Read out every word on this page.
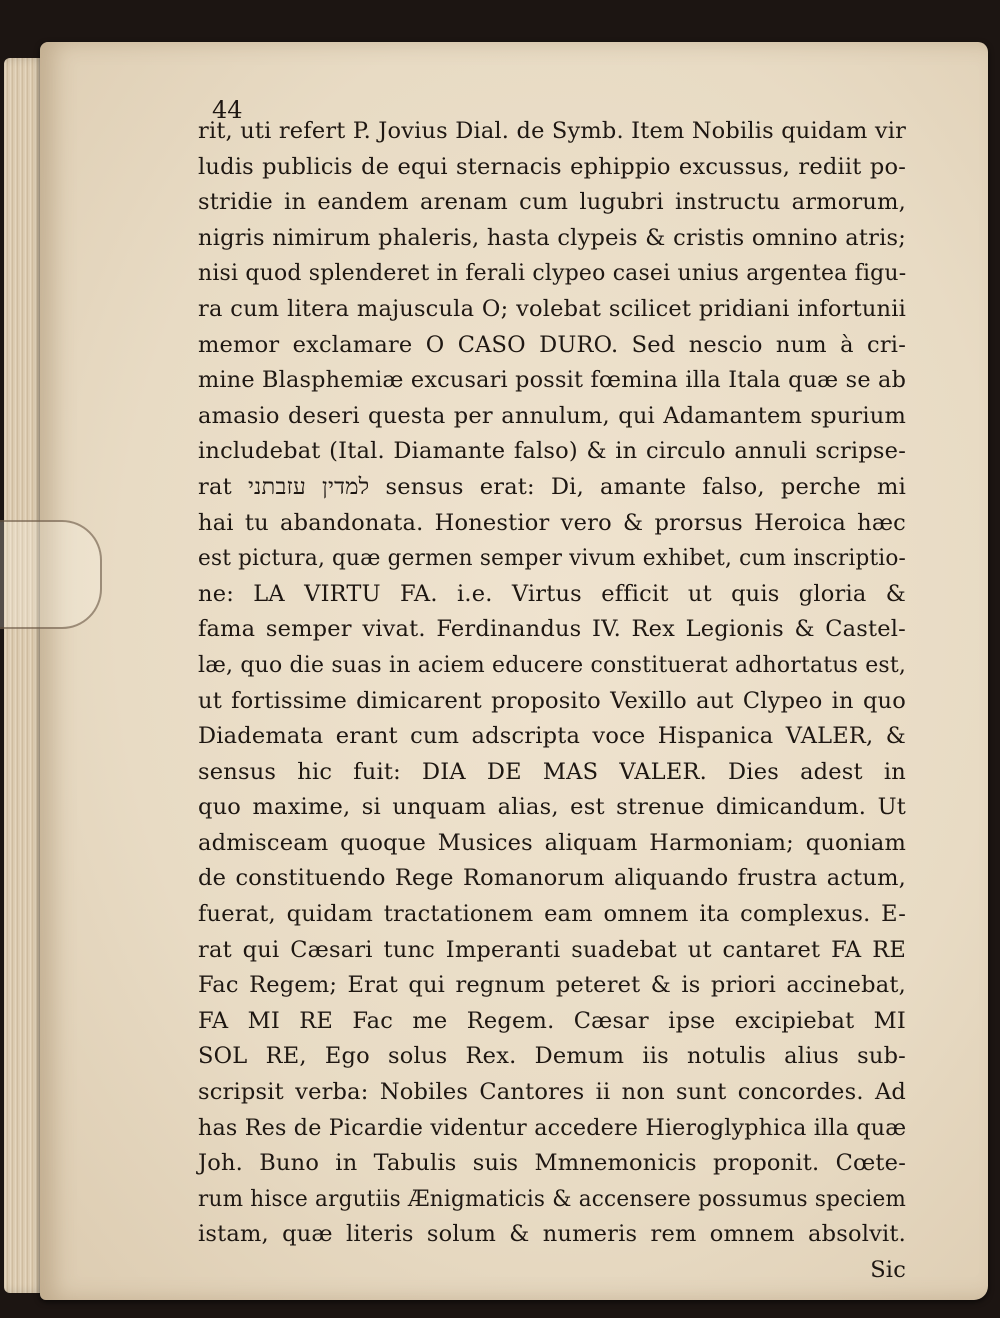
44
rit, uti refert P. Jovius Dial. de Symb. Item Nobilis quidam vir
ludis publicis de equi sternacis ephippio excussus, rediit po-
stridie in eandem arenam cum lugubri instructu armorum,
nigris nimirum phaleris, hasta clypeis & cristis omnino atris;
nisi quod splenderet in ferali clypeo casei unius argentea figu-
ra cum litera majuscula O; volebat scilicet pridiani infortunii
memor exclamare O CASO DURO. Sed nescio num à cri-
mine Blasphemiæ excusari possit fœmina illa Itala quæ se ab
amasio deseri questa per annulum, qui Adamantem spurium
includebat (Ital. Diamante falso) & in circulo annuli scripse-
rat למדין עזבתני sensus erat: Di, amante falso, perche mi
hai tu abandonata. Honestior vero & prorsus Heroica hæc
est pictura, quæ germen semper vivum exhibet, cum inscriptio-
ne: LA VIRTU FA. i.e. Virtus efficit ut quis gloria &
fama semper vivat. Ferdinandus IV. Rex Legionis & Castel-
læ, quo die suas in aciem educere constituerat adhortatus est,
ut fortissime dimicarent proposito Vexillo aut Clypeo in quo
Diademata erant cum adscripta voce Hispanica VALER, &
sensus hic fuit: DIA DE MAS VALER. Dies adest in
quo maxime, si unquam alias, est strenue dimicandum. Ut
admisceam quoque Musices aliquam Harmoniam; quoniam
de constituendo Rege Romanorum aliquando frustra actum,
fuerat, quidam tractationem eam omnem ita complexus. E-
rat qui Cæsari tunc Imperanti suadebat ut cantaret FA RE
Fac Regem; Erat qui regnum peteret & is priori accinebat,
FA MI RE Fac me Regem. Cæsar ipse excipiebat MI
SOL RE, Ego solus Rex. Demum iis notulis alius sub-
scripsit verba: Nobiles Cantores ii non sunt concordes. Ad
has Res de Picardie videntur accedere Hieroglyphica illa quæ
Joh. Buno in Tabulis suis Mmnemonicis proponit. Cœte-
rum hisce argutiis Ænigmaticis & accensere possumus speciem
istam, quæ literis solum & numeris rem omnem absolvit.
Sic
